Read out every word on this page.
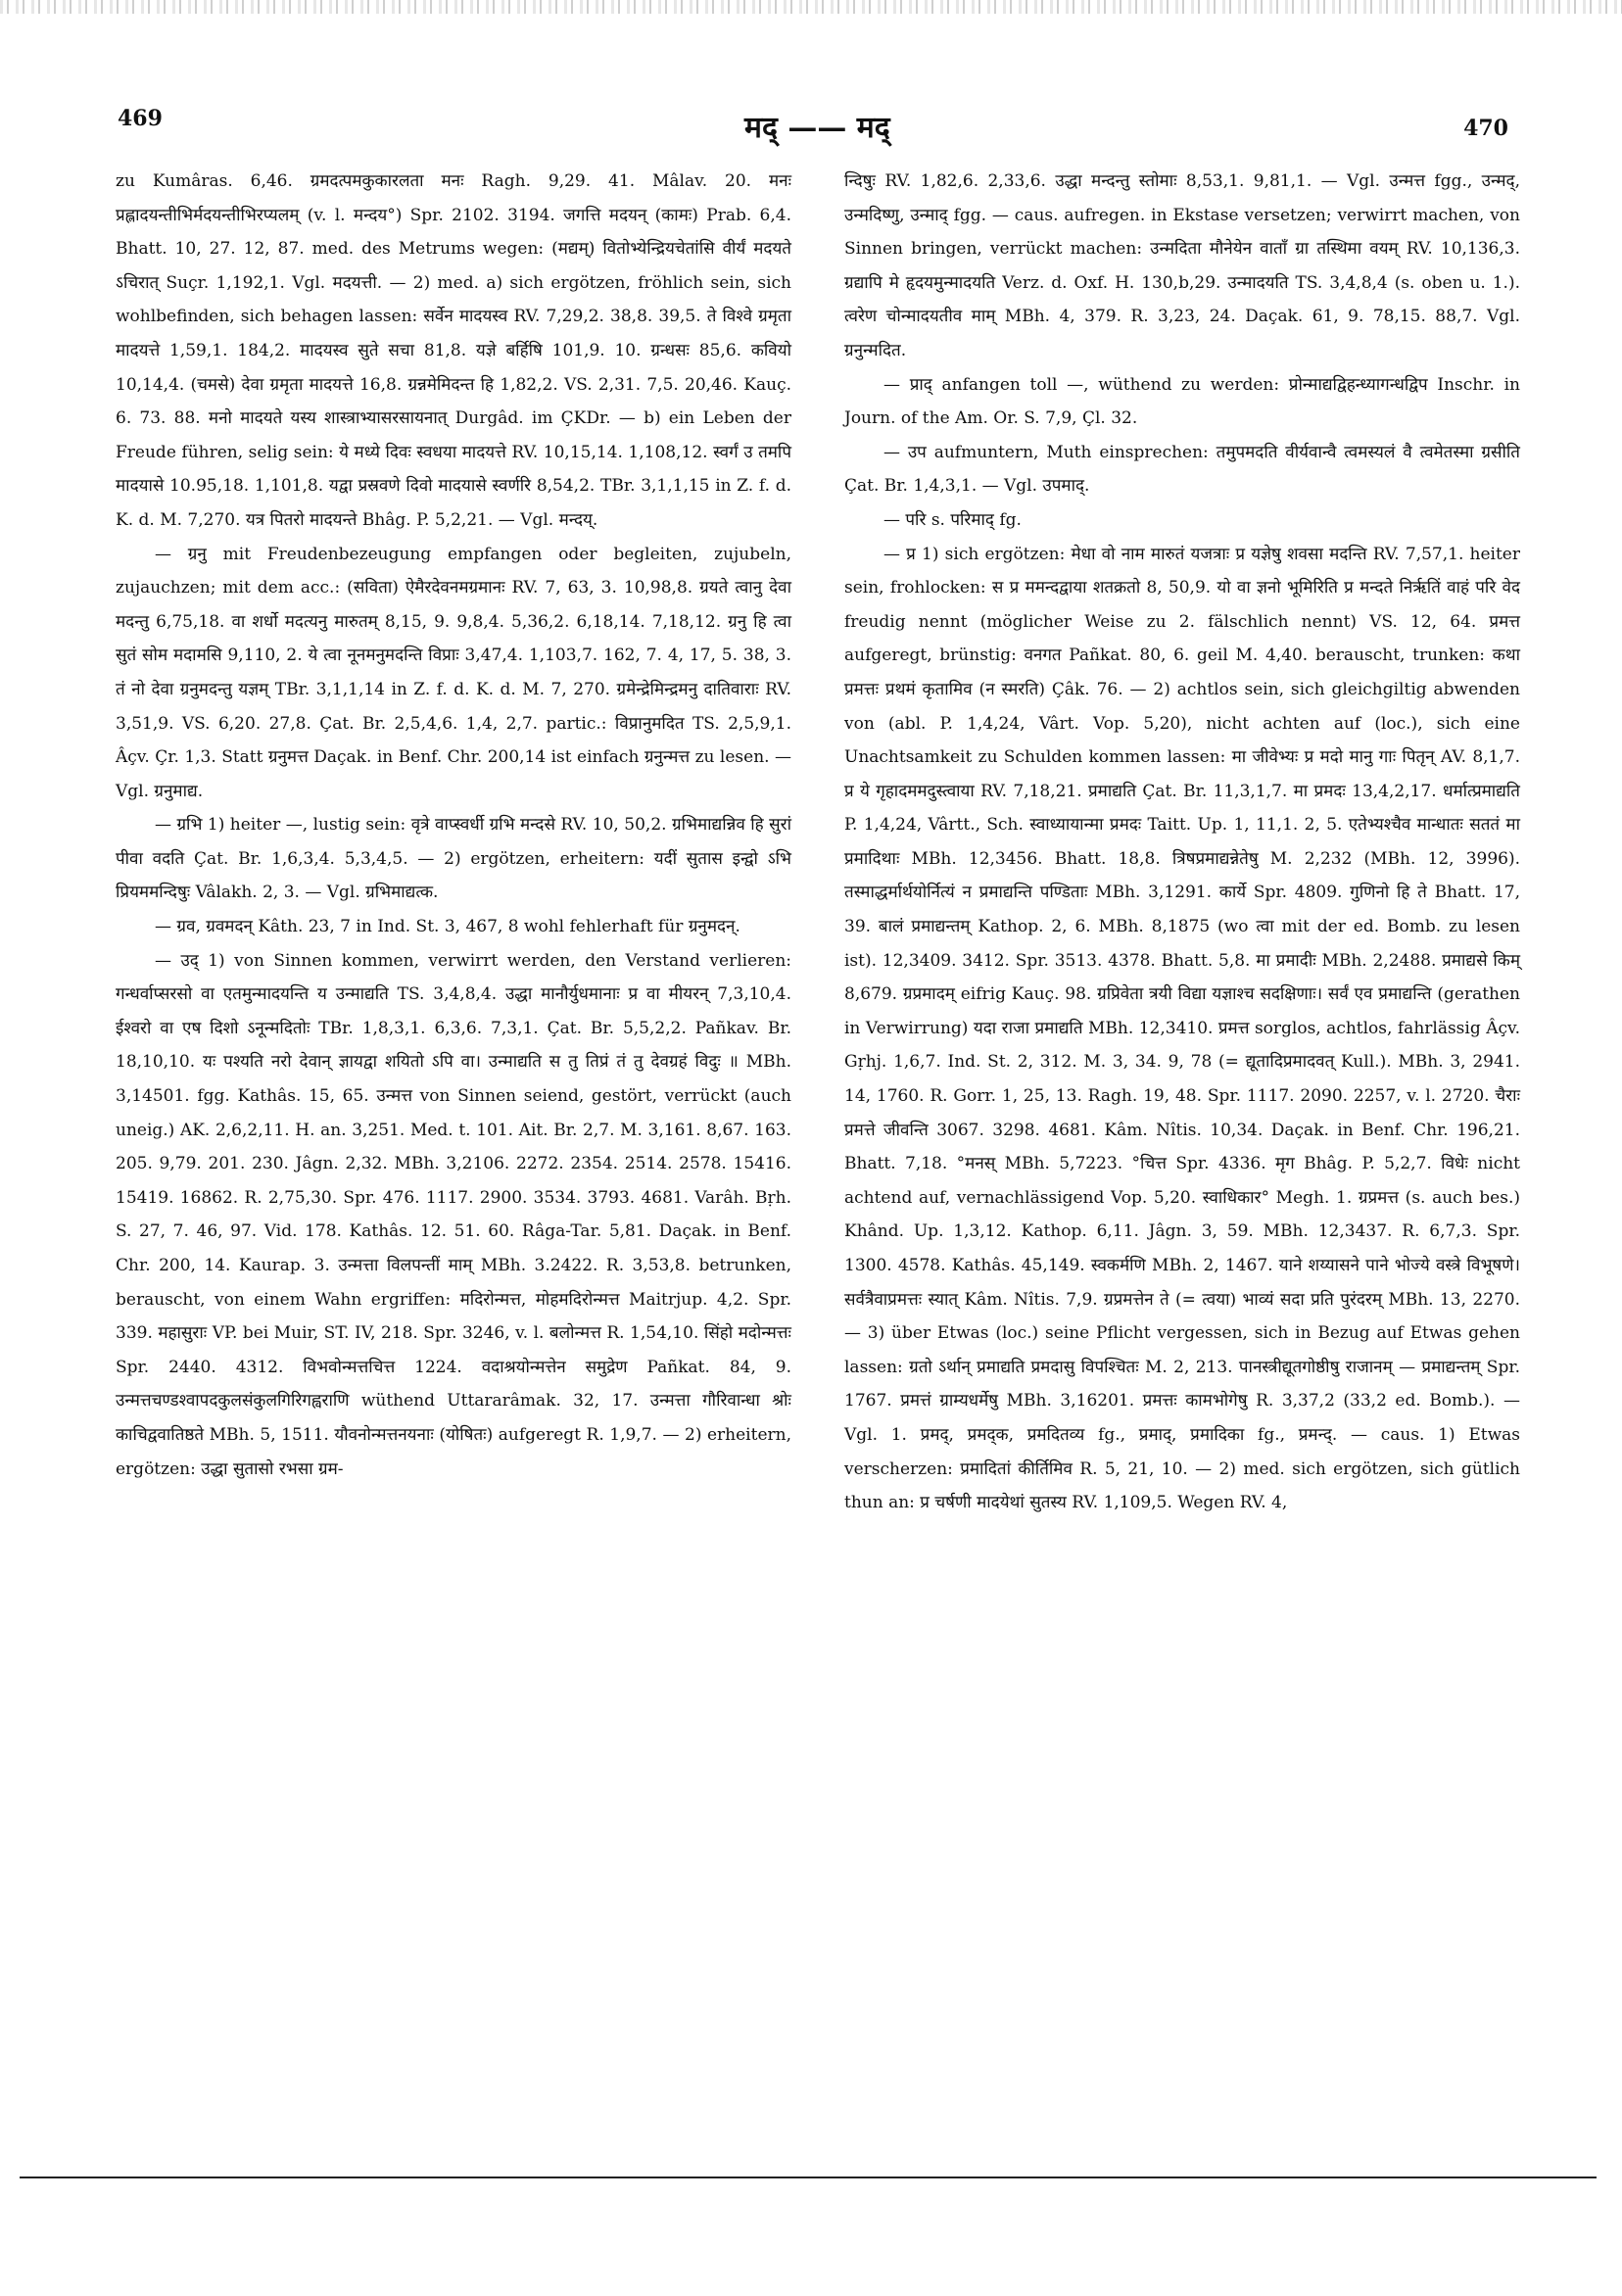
469	मद् —— मद्	470

zu Kumâras. 6,46. ग्रमदत्पमकुकारलता मनः Ragh. 9,29. 41. Mâlav. 20. मनः प्रह्लादयन्तीभिर्मदयन्तीभिरप्यलम् (v. l. मन्दय°) Spr. 2102. 3194. जगत्ति मदयन् (कामः) Prab. 6,4. Bhatt. 10, 27. 12, 87. med. des Metrums wegen: (मद्यम्) वितोभ्येन्द्रियचेतांसि वीर्यं मदयते ऽचिरात् Suçr. 1,192,1. Vgl. मदयत्ती. — 2) med. a) sich ergötzen, fröhlich sein, sich wohlbefinden, sich behagen lassen: सर्वेन मादयस्व RV. 7,29,2. 38,8. 39,5. ते विश्वे ग्रमृता मादयत्ते 1,59,1. 184,2. मादयस्व सुते सचा 81,8. यज्ञे बर्हिषि 101,9. 10. ग्रन्धसः 85,6. कवियो 10,14,4. (चमसे) देवा ग्रमृता मादयत्ते 16,8. ग्रन्नमेमिदन्त हि 1,82,2. VS. 2,31. 7,5. 20,46. Kauç. 6. 73. 88. मनो मादयते यस्य शास्त्राभ्यासरसायनात् Durgâd. im ÇKDr. — b) ein Leben der Freude führen, selig sein: ये मध्ये दिवः स्वधया मादयत्ते RV. 10,15,14. 1,108,12. स्वर्गं उ तमपि मादयासे 10.95,18. 1,101,8. यद्वा प्रस्रवणे दिवो मादयासे स्वर्णरि 8,54,2. TBr. 3,1,1,15 in Z. f. d. K. d. M. 7,270. यत्र पितरो मादयन्ते Bhâg. P. 5,2,21. — Vgl. मन्दय्.

— ग्रनु mit Freudenbezeugung empfangen oder begleiten, zujubeln, zujauchzen; mit dem acc.: (सविता) ऐमैरदेवनमग्रमानः RV. 7, 63, 3. 10,98,8. ग्रयते त्वानु देवा मदन्तु 6,75,18. वा शर्धो मदत्यनु मारुतम् 8,15, 9. 9,8,4. 5,36,2. 6,18,14. 7,18,12. ग्रनु हि त्वा सुतं सोम मदामसि 9,110, 2. ये त्वा नूनमनुमदन्ति विप्राः 3,47,4. 1,103,7. 162, 7. 4, 17, 5. 38, 3. तं नो देवा ग्रनुमदन्तु यज्ञम् TBr. 3,1,1,14 in Z. f. d. K. d. M. 7, 270. ग्रमेन्द्रेमिन्द्रमनु दातिवाराः RV. 3,51,9. VS. 6,20. 27,8. Çat. Br. 2,5,4,6. 1,4, 2,7. partic.: विप्रानुमदित TS. 2,5,9,1. Âçv. Çr. 1,3. Statt ग्रनुमत्त Daçak. in Benf. Chr. 200,14 ist einfach ग्रनुन्मत्त zu lesen. — Vgl. ग्रनुमाद्य.

— ग्रभि 1) heiter —, lustig sein: वृत्रे वाप्स्वर्धी ग्रभि मन्दसे RV. 10, 50,2. ग्रभिमाद्यन्निव हि सुरां पीवा वदति Çat. Br. 1,6,3,4. 5,3,4,5. — 2) ergötzen, erheitern: यदीं सुतास इन्द्वो ऽभि प्रियममन्दिषुः Vâlakh. 2, 3. — Vgl. ग्रभिमाद्यत्क.

— ग्रव, ग्रवमदन् Kâth. 23, 7 in Ind. St. 3, 467, 8 wohl fehlerhaft für ग्रनुमदन्.

— उद् 1) von Sinnen kommen, verwirrt werden, den Verstand verlieren: गन्धर्वाप्सरसो वा एतमुन्मादयन्ति य उन्माद्यति TS. 3,4,8,4. उद्धा मानौर्युधमानाः प्र वा मीयरन् 7,3,10,4. ईश्वरो वा एष दिशो ऽनून्मदितोः TBr. 1,8,3,1. 6,3,6. 7,3,1. Çat. Br. 5,5,2,2. Pañkav. Br. 18,10,10. यः पश्यति नरो देवान् ज्ञायद्वा शयितो ऽपि वा। उन्माद्यति स तु तिप्रं तं तु देवग्रहं विदुः ॥ MBh. 3,14501. fgg. Kathâs. 15, 65. उन्मत्त von Sinnen seiend, gestört, verrückt (auch uneig.) AK. 2,6,2,11. H. an. 3,251. Med. t. 101. Ait. Br. 2,7. M. 3,161. 8,67. 163. 205. 9,79. 201. 230. Jâgn. 2,32. MBh. 3,2106. 2272. 2354. 2514. 2578. 15416. 15419. 16862. R. 2,75,30. Spr. 476. 1117. 2900. 3534. 3793. 4681. Varâh. Bṛh. S. 27, 7. 46, 97. Vid. 178. Kathâs. 12. 51. 60. Râga-Tar. 5,81. Daçak. in Benf. Chr. 200, 14. Kaurap. 3. उन्मत्ता विलपन्तीं माम् MBh. 3.2422. R. 3,53,8. betrunken, berauscht, von einem Wahn ergriffen: मदिरोन्मत्त, मोहमदिरोन्मत्त Maitrjup. 4,2. Spr. 339. महासुराः VP. bei Muir, ST. IV, 218. Spr. 3246, v. l. बलोन्मत्त R. 1,54,10. सिंहो मदोन्मत्तः Spr. 2440. 4312. विभवोन्मत्तचित्त 1224. वदाश्रयोन्मत्तेन समुद्रेण Pañkat. 84, 9. उन्मत्तचण्डश्वापदकुलसंकुलगिरिगह्वराणि wüthend Uttararâmak. 32, 17. उन्मत्ता गौरिवान्धा श्रोः काचिद्ववातिष्ठते MBh. 5, 1511. यौवनोन्मत्तनयनाः (योषितः) aufgeregt R. 1,9,7. — 2) erheitern, ergötzen: उद्धा सुतासो रभसा ग्रम-

न्दिषुः RV. 1,82,6. 2,33,6. उद्धा मन्दन्तु स्तोमाः 8,53,1. 9,81,1. — Vgl. उन्मत्त fgg., उन्मद्, उन्मदिष्णु, उन्माद् fgg. — caus. aufregen. in Ekstase versetzen; verwirrt machen, von Sinnen bringen, verrückt machen: उन्मदिता मौनेयेन वाताँ ग्रा तस्थिमा वयम् RV. 10,136,3. ग्रद्यापि मे हृदयमुन्मादयति Verz. d. Oxf. H. 130,b,29. उन्मादयति TS. 3,4,8,4 (s. oben u. 1.). त्वरेण चोन्मादयतीव माम् MBh. 4, 379. R. 3,23, 24. Daçak. 61, 9. 78,15. 88,7. Vgl. ग्रनुन्मदित.

— प्राद् anfangen toll —, wüthend zu werden: प्रोन्माद्यद्विहन्ध्यागन्धद्विप Inschr. in Journ. of the Am. Or. S. 7,9, Çl. 32.

— उप aufmuntern, Muth einsprechen: तमुपमदति वीर्यवान्वै त्वमस्यलं वै त्वमेतस्मा ग्रसीति Çat. Br. 1,4,3,1. — Vgl. उपमाद्.

— परि s. परिमाद् fg.

— प्र 1) sich ergötzen: मेधा वो नाम मारुतं यजत्राः प्र यज्ञेषु शवसा मदन्ति RV. 7,57,1. heiter sein, frohlocken: स प्र ममन्दद्वाया शतक्रतो 8, 50,9. यो वा ज्ञनो भूमिरिति प्र मन्दते निर्ऋतिं वाहं परि वेद freudig nennt (möglicher Weise zu 2. fälschlich nennt) VS. 12, 64. प्रमत्त aufgeregt, brünstig: वनगत Pañkat. 80, 6. geil M. 4,40. berauscht, trunken: कथा प्रमत्तः प्रथमं कृतामिव (न स्मरति) Çâk. 76. — 2) achtlos sein, sich gleichgiltig abwenden von (abl. P. 1,4,24, Vârt. Vop. 5,20), nicht achten auf (loc.), sich eine Unachtsamkeit zu Schulden kommen lassen: मा जीवेभ्यः प्र मदो मानु गाः पितृन् AV. 8,1,7. प्र ये गृहादममदुस्त्वाया RV. 7,18,21. प्रमाद्यति Çat. Br. 11,3,1,7. मा प्रमदः 13,4,2,17. धर्मात्प्रमाद्यति P. 1,4,24, Vârtt., Sch. स्वाध्यायान्मा प्रमदः Taitt. Up. 1, 11,1. 2, 5. एतेभ्यश्चैव मान्धातः सततं मा प्रमादिथाः MBh. 12,3456. Bhatt. 18,8. त्रिषप्रमाद्यन्नेतेषु M. 2,232 (MBh. 12, 3996). तस्माद्धर्मार्थयोर्नित्यं न प्रमाद्यन्ति पण्डिताः MBh. 3,1291. कार्ये Spr. 4809. गुणिनो हि ते Bhatt. 17, 39. बालं प्रमाद्यन्तम् Kathop. 2, 6. MBh. 8,1875 (wo त्वा mit der ed. Bomb. zu lesen ist). 12,3409. 3412. Spr. 3513. 4378. Bhatt. 5,8. मा प्रमादीः MBh. 2,2488. प्रमाद्यसे किम् 8,679. ग्रप्रमादम् eifrig Kauç. 98. ग्रप्रिवेता त्रयी विद्या यज्ञाश्च सदक्षिणाः। सर्वं एव प्रमाद्यन्ति (gerathen in Verwirrung) यदा राजा प्रमाद्यति MBh. 12,3410. प्रमत्त sorglos, achtlos, fahrlässig Âçv. Gṛhj. 1,6,7. Ind. St. 2, 312. M. 3, 34. 9, 78 (= द्यूतादिप्रमादवत् Kull.). MBh. 3, 2941. 14, 1760. R. Gorr. 1, 25, 13. Ragh. 19, 48. Spr. 1117. 2090. 2257, v. l. 2720. चैराः प्रमत्ते जीवन्ति 3067. 3298. 4681. Kâm. Nîtis. 10,34. Daçak. in Benf. Chr. 196,21. Bhatt. 7,18. °मनस् MBh. 5,7223. °चित्त Spr. 4336. मृग Bhâg. P. 5,2,7. विधेः nicht achtend auf, vernachlässigend Vop. 5,20. स्वाधिकार° Megh. 1. ग्रप्रमत्त (s. auch bes.) Khând. Up. 1,3,12. Kathop. 6,11. Jâgn. 3, 59. MBh. 12,3437. R. 6,7,3. Spr. 1300. 4578. Kathâs. 45,149. स्वकर्मणि MBh. 2, 1467. याने शय्यासने पाने भोज्ये वस्त्रे विभूषणे। सर्वत्रैवाप्रमत्तः स्यात् Kâm. Nîtis. 7,9. ग्रप्रमत्तेन ते (= त्वया) भाव्यं सदा प्रति पुरंदरम् MBh. 13, 2270. — 3) über Etwas (loc.) seine Pflicht vergessen, sich in Bezug auf Etwas gehen lassen: ग्रतो ऽर्थान् प्रमाद्यति प्रमदासु विपश्चितः M. 2, 213. पानस्त्रीद्यूतगोष्ठीषु राजानम् — प्रमाद्यन्तम् Spr. 1767. प्रमत्तं ग्राम्यधर्मेषु MBh. 3,16201. प्रमत्तः कामभोगेषु R. 3,37,2 (33,2 ed. Bomb.). — Vgl. 1. प्रमद्, प्रमद्क, प्रमदितव्य fg., प्रमाद्, प्रमादिका fg., प्रमन्द्. — caus. 1) Etwas verscherzen: प्रमादितां कीर्तिमिव R. 5, 21, 10. — 2) med. sich ergötzen, sich gütlich thun an: प्र चर्षणी मादयेथां सुतस्य RV. 1,109,5. Wegen RV. 4,
